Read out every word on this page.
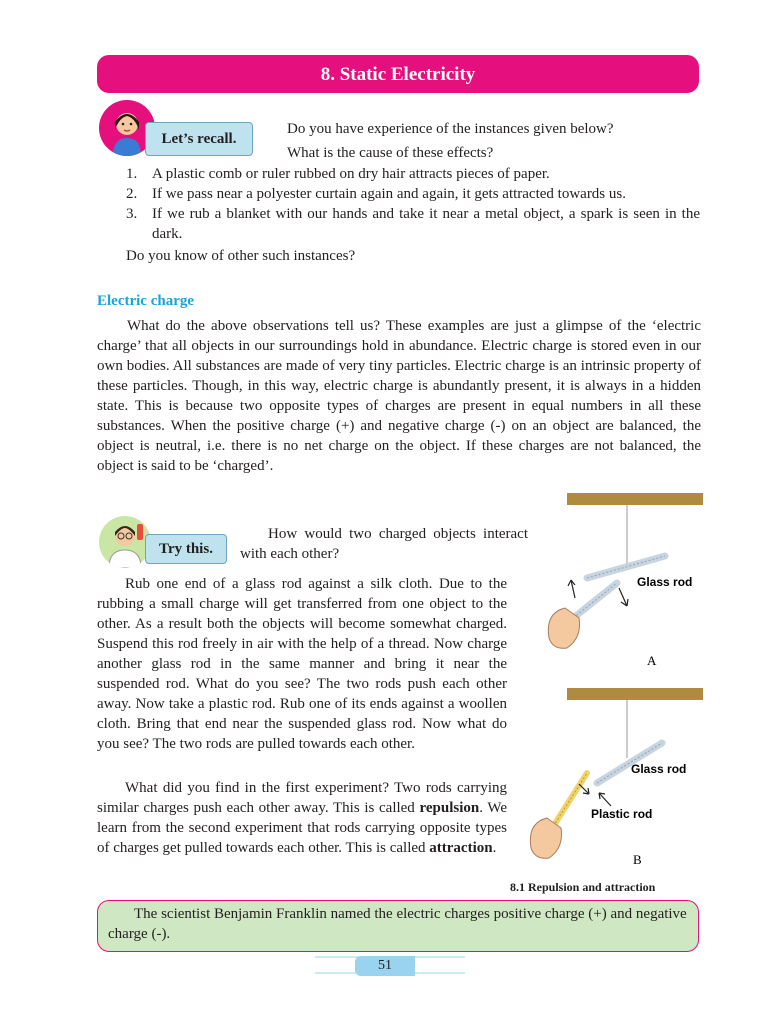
8. Static Electricity
Let’s recall.
Do you have experience of the instances given below?
What is the cause of these effects?
1. A plastic comb or ruler rubbed on dry hair attracts pieces of paper.
2. If we pass near a polyester curtain again and again, it gets attracted towards us.
3. If we rub a blanket with our hands and take it near a metal object, a spark is seen in the dark.
Do you know of other such instances?
Electric charge
What do the above observations tell us? These examples are just a glimpse of the ‘electric charge’ that all objects in our surroundings hold in abundance. Electric charge is stored even in our own bodies. All substances are made of very tiny particles. Electric charge is an intrinsic property of these particles. Though, in this way, electric charge is abundantly present, it is always in a hidden state. This is because two opposite types of charges are present in equal numbers in all these substances. When the positive charge (+) and negative charge (-) on an object are balanced, the object is neutral, i.e. there is no net charge on the object. If these charges are not balanced, the object is said to be ‘charged’.
Try this.
How would two charged objects interact with each other?
Rub one end of a glass rod against a silk cloth. Due to the rubbing a small charge will get transferred from one object to the other. As a result both the objects will become somewhat charged. Suspend this rod freely in air with the help of a thread. Now charge another glass rod in the same manner and bring it near the suspended rod. What do you see? The two rods push each other away. Now take a plastic rod. Rub one of its ends against a woollen cloth. Bring that end near the suspended glass rod. Now what do you see? The two rods are pulled towards each other.
What did you find in the first experiment? Two rods carrying similar charges push each other away. This is called repulsion. We learn from the second experiment that rods carrying opposite types of charges get pulled towards each other. This is called attraction.
Glass rod
A
Glass rod
Plastic rod
B
8.1 Repulsion and attraction
The scientist Benjamin Franklin named the electric charges positive charge (+) and negative charge (-).
51
